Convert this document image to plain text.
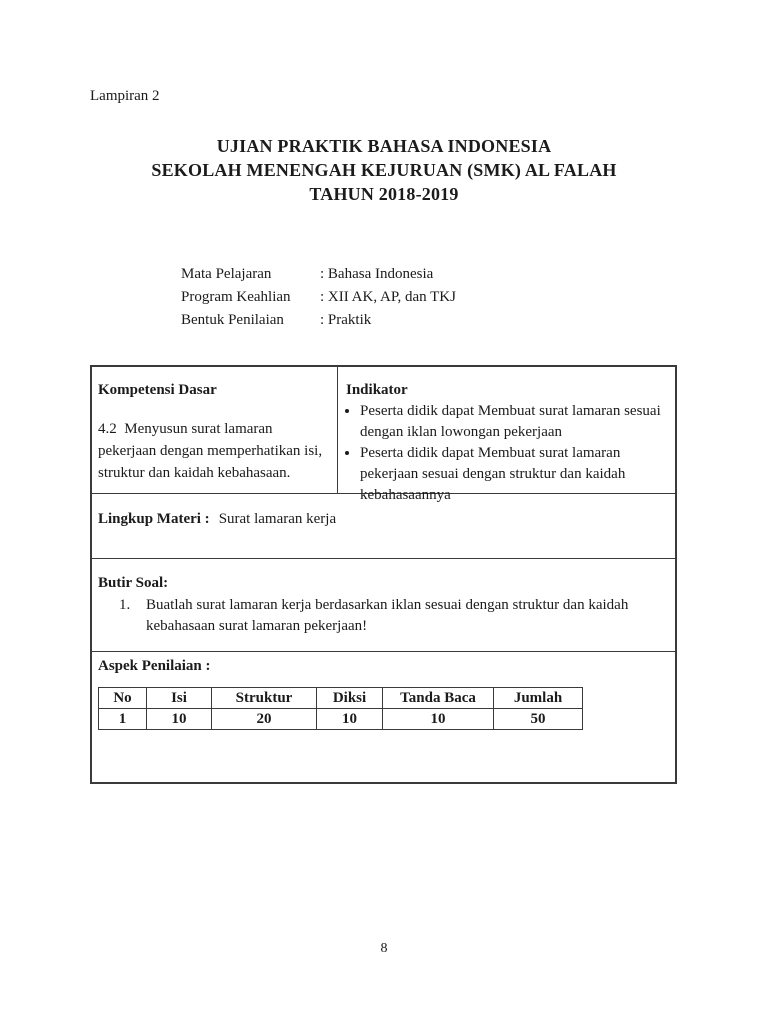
Lampiran 2
UJIAN PRAKTIK BAHASA INDONESIA
SEKOLAH MENENGAH KEJURUAN (SMK) AL FALAH
TAHUN 2018-2019
Mata Pelajaran	: Bahasa Indonesia
Program Keahlian : XII AK, AP, dan TKJ
Bentuk Penilaian : Praktik
Kompetensi Dasar
4.2  Menyusun surat lamaran pekerjaan dengan memperhatikan isi, struktur dan kaidah kebahasaan.
Indikator
• Peserta didik dapat Membuat surat lamaran sesuai dengan iklan lowongan pekerjaan
• Peserta didik dapat Membuat surat lamaran pekerjaan sesuai dengan struktur dan kaidah kebahasaannya
Lingkup Materi : Surat lamaran kerja
Butir Soal:
1.	Buatlah surat lamaran kerja berdasarkan iklan sesuai dengan struktur dan kaidah kebahasaan surat lamaran pekerjaan!
Aspek Penilaian :
No	Isi	Struktur	Diksi	Tanda Baca	Jumlah
1	10	20	10	10	50
8
